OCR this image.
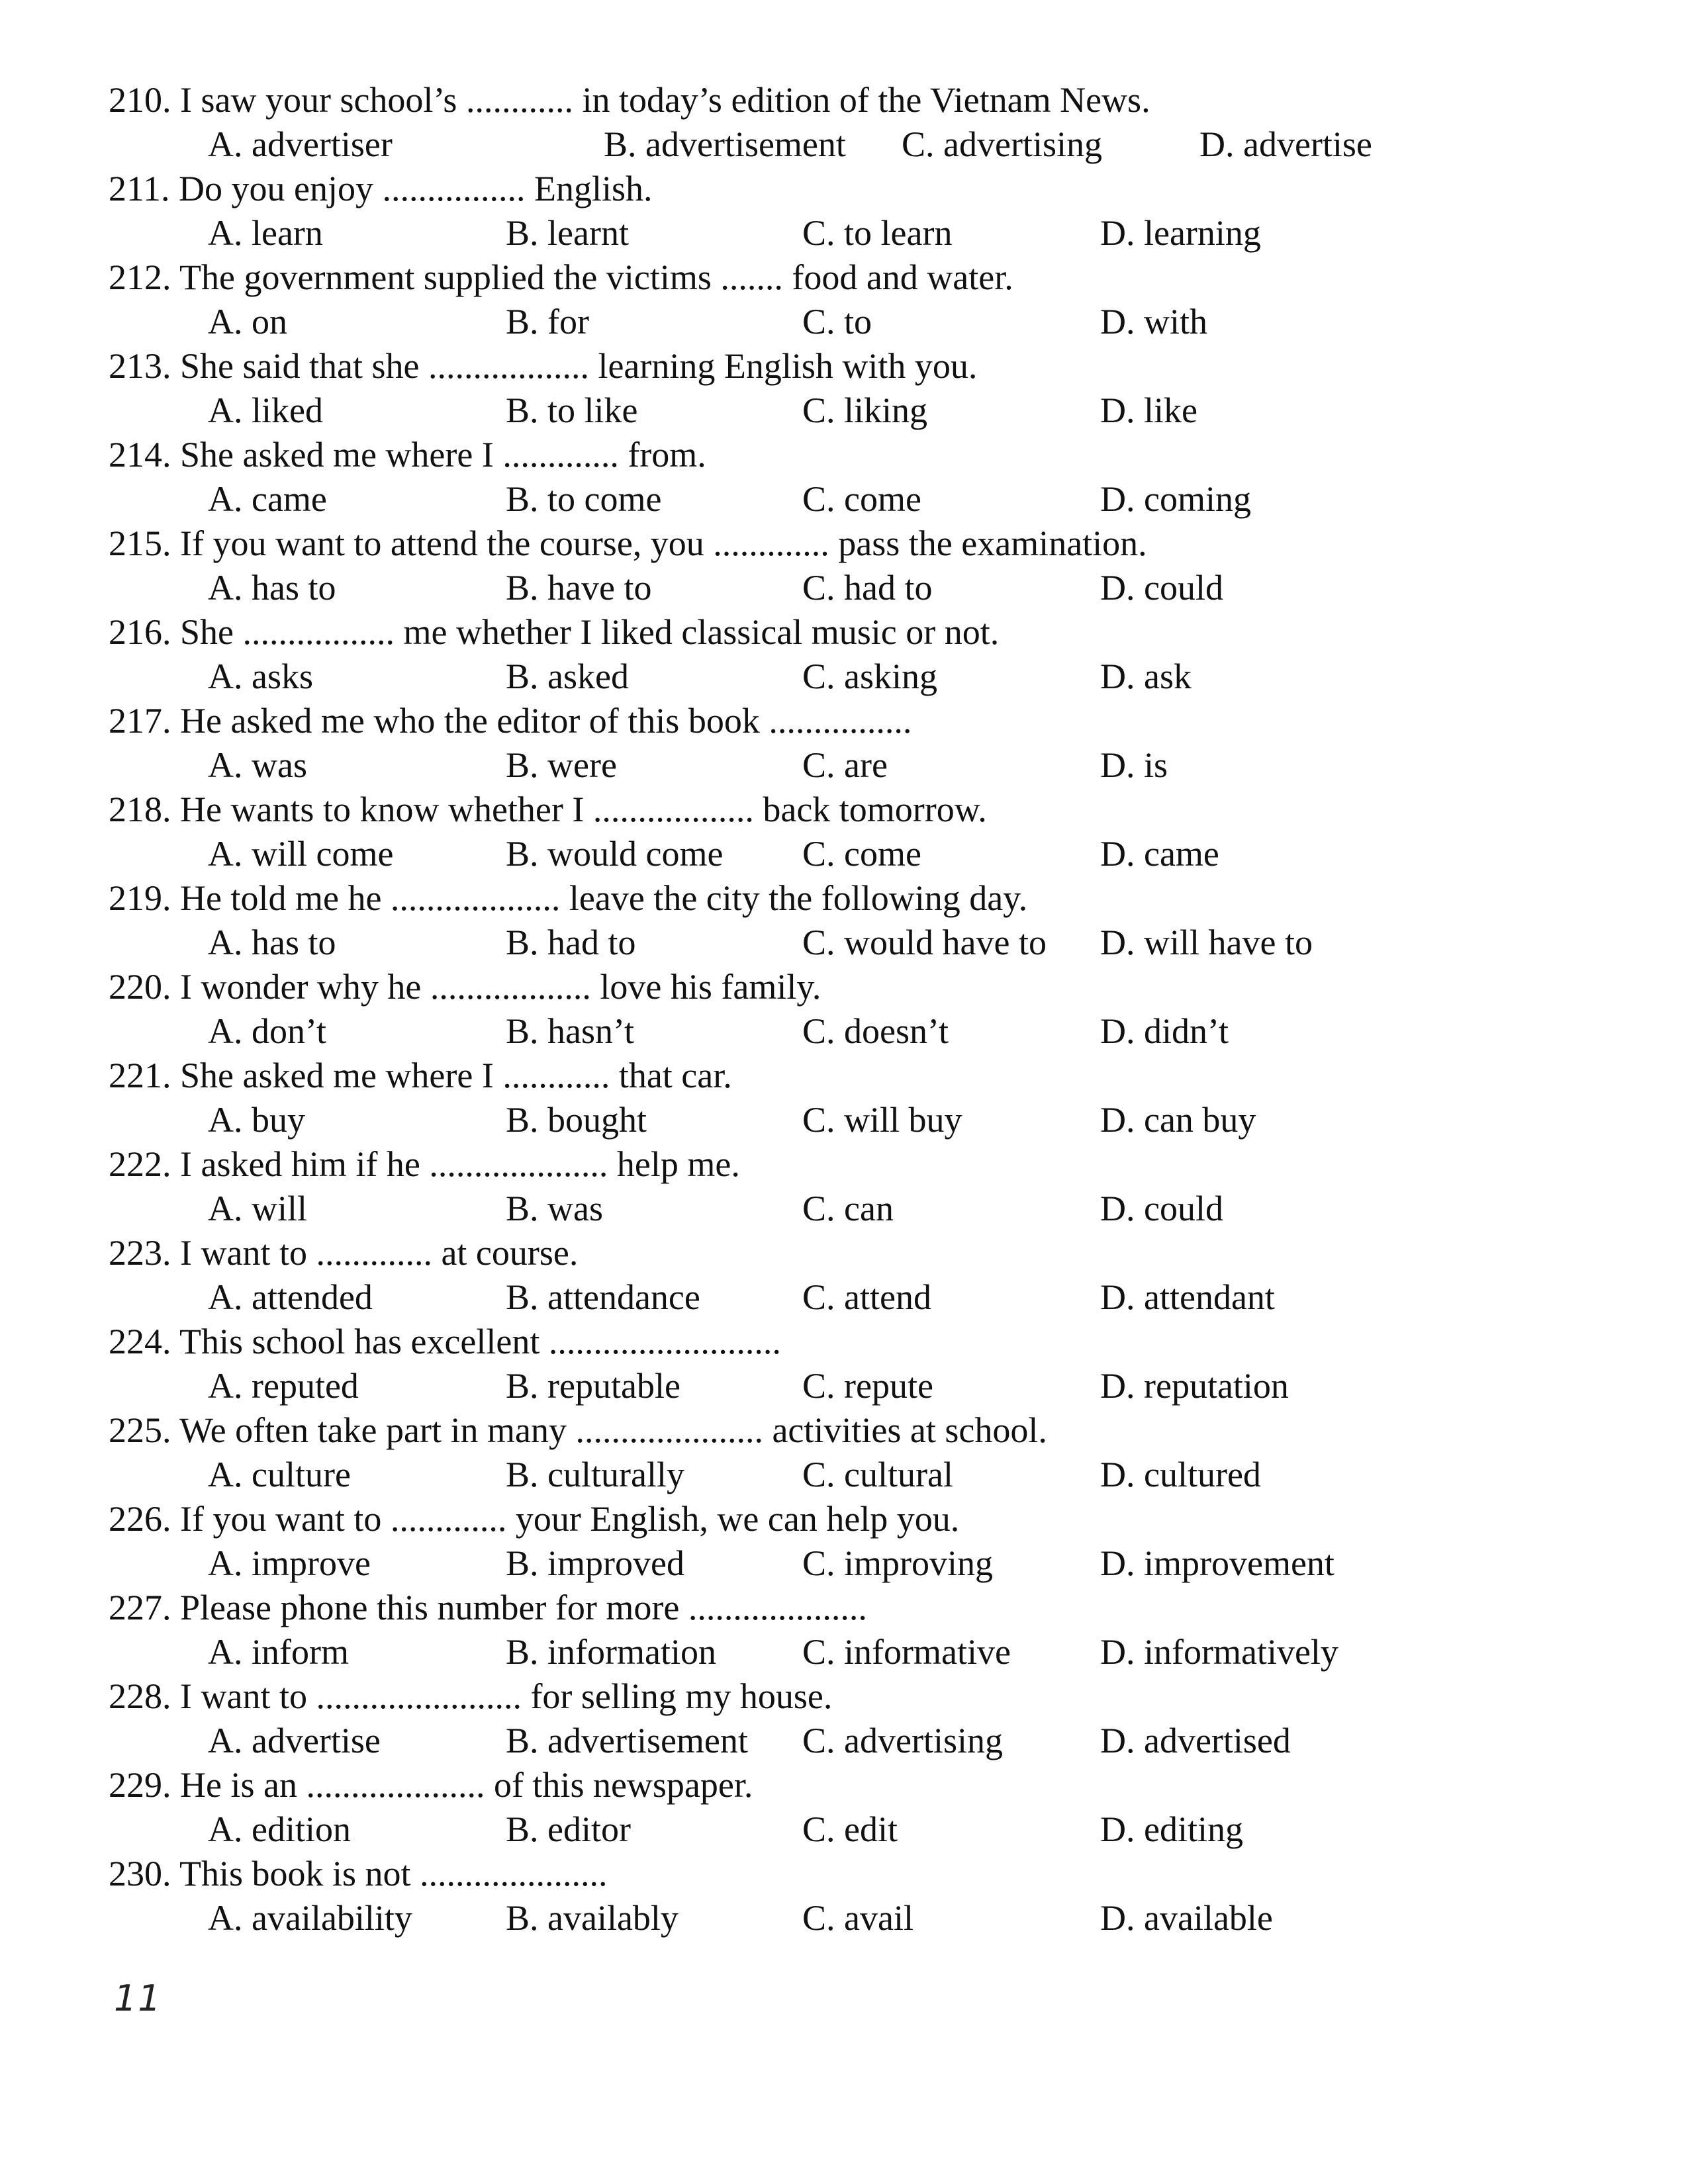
210. I saw your school’s ............ in today’s edition of the Vietnam News.
A. advertiser	B. advertisement C. advertising	D. advertise
211. Do you enjoy ................ English.
A. learn	B. learnt	C. to learn	D. learning
212. The government supplied the victims ....... food and water.
A. on	B. for	C. to	D. with
213. She said that she .................. learning English with you.
A. liked	B. to like	C. liking	D. like
214. She asked me where I ............. from.
A. came	B. to come	C. come	D. coming
215. If you want to attend the course, you ............. pass the examination.
A. has to	B. have to	C. had to	D. could
216. She ................. me whether I liked classical music or not.
A. asks	B. asked	C. asking	D. ask
217. He asked me who the editor of this book ................
A. was	B. were	C. are	D. is
218. He wants to know whether I .................. back tomorrow.
A. will come	B. would come C. come	D. came
219. He told me he ................... leave the city the following day.
A. has to	B. had to	C. would have to D. will have to
220. I wonder why he .................. love his family.
A. don’t	B. hasn’t	C. doesn’t	D. didn’t
221. She asked me where I ............ that car.
A. buy	B. bought	C. will buy	D. can buy
222. I asked him if he .................... help me.
A. will	B. was	C. can	D. could
223. I want to ............. at course.
A. attended	B. attendance	C. attend	D. attendant
224. This school has excellent ..........................
A. reputed	B. reputable	C. repute	D. reputation
225. We often take part in many ..................... activities at school.
A. culture	B. culturally	C. cultural	D. cultured
226. If you want to ............. your English, we can help you.
A. improve	B. improved	C. improving	D. improvement
227. Please phone this number for more ....................
A. inform	B. information C. informative	D. informatively
228. I want to ....................... for selling my house.
A. advertise	B. advertisement C. advertising	D. advertised
229. He is an .................... of this newspaper.
A. edition	B. editor	C. edit	D. editing
230. This book is not .....................
A. availability	B. availably	C. avail	D. available
11
